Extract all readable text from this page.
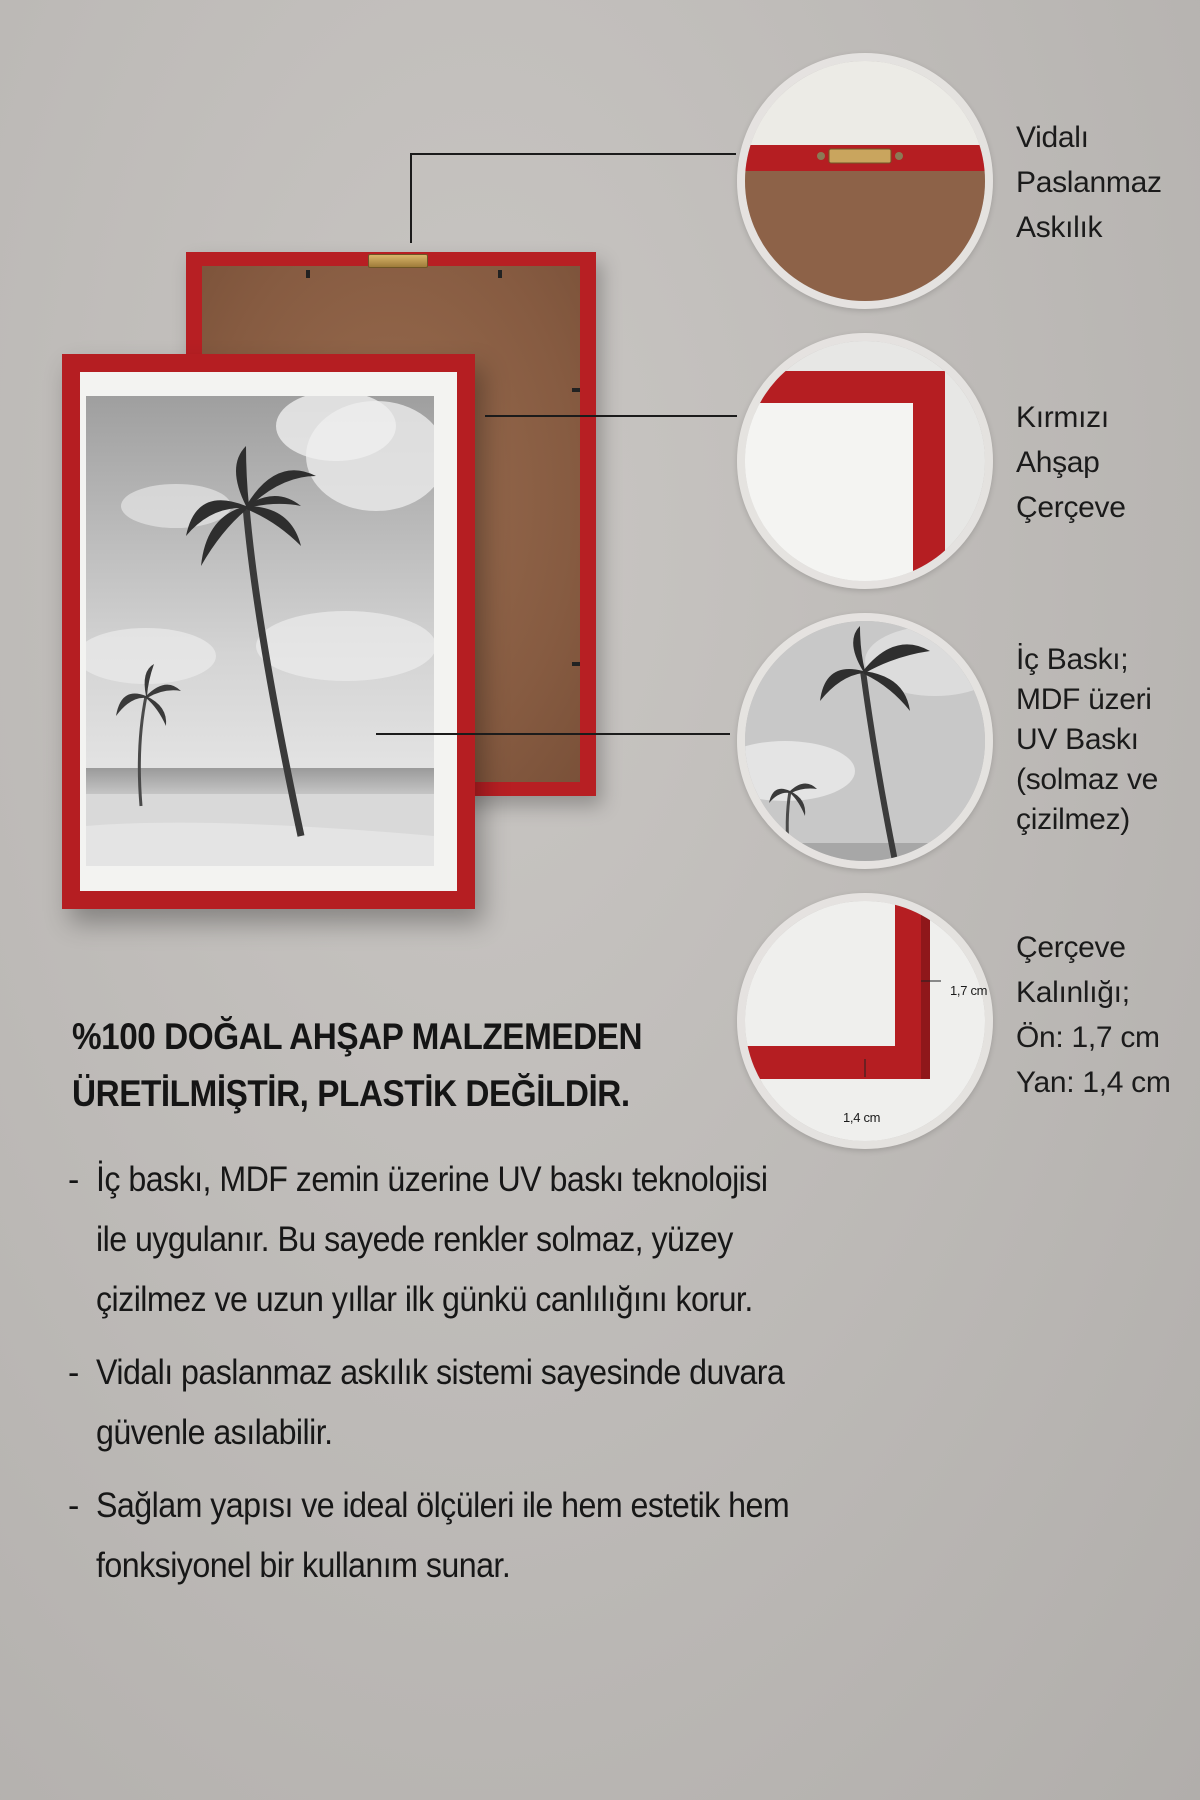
1,7 cm
1,4 cm
Vidalı
Paslanmaz
Askılık
Kırmızı
Ahşap
Çerçeve
İç Baskı;
MDF üzeri
UV Baskı
(solmaz ve
çizilmez)
Çerçeve
Kalınlığı;
Ön: 1,7 cm
Yan: 1,4 cm
%100 DOĞAL AHŞAP MALZEMEDEN
ÜRETİLMİŞTİR, PLASTİK DEĞİLDİR.
- İç baskı, MDF zemin üzerine UV baskı teknolojisi ile uygulanır. Bu sayede renkler solmaz, yüzey çizilmez ve uzun yıllar ilk günkü canlılığını korur.
- Vidalı paslanmaz askılık sistemi sayesinde duvara güvenle asılabilir.
- Sağlam yapısı ve ideal ölçüleri ile hem estetik hem fonksiyonel bir kullanım sunar.
